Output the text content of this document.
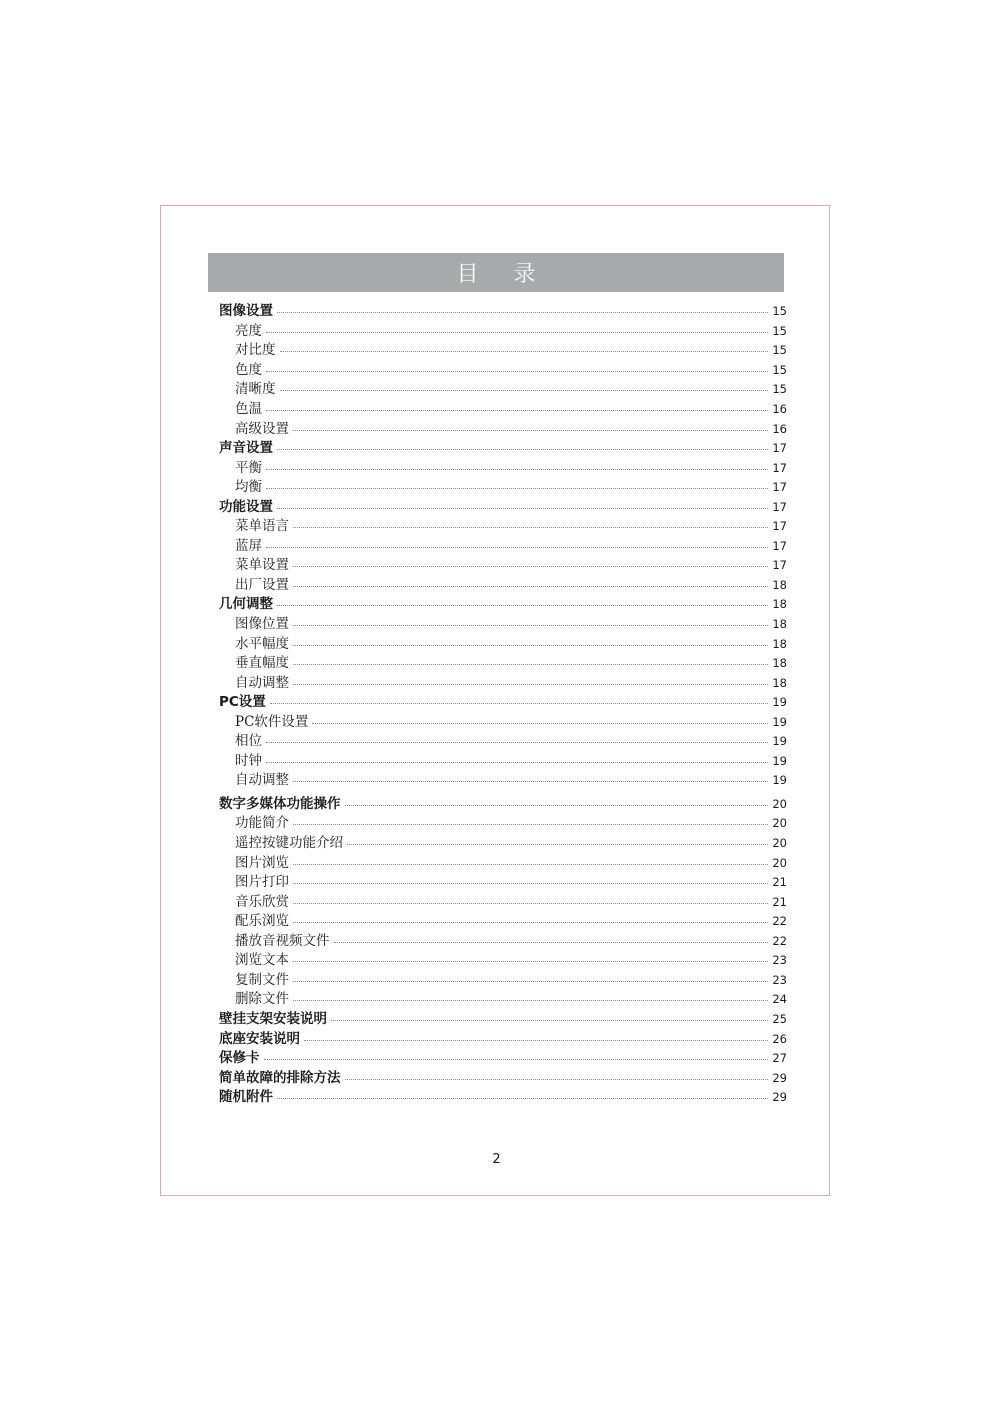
目 录
图像设置	15
亮度	15
对比度	15
色度	15
清晰度	15
色温	16
高级设置	16
声音设置	17
平衡	17
均衡	17
功能设置	17
菜单语言	17
蓝屏	17
菜单设置	17
出厂设置	18
几何调整	18
图像位置	18
水平幅度	18
垂直幅度	18
自动调整	18
PC设置	19
PC软件设置	19
相位	19
时钟	19
自动调整	19
数字多媒体功能操作	20
功能简介	20
遥控按键功能介绍	20
图片浏览	20
图片打印	21
音乐欣赏	21
配乐浏览	22
播放音视频文件	22
浏览文本	23
复制文件	23
删除文件	24
壁挂支架安装说明	25
底座安装说明	26
保修卡	27
简单故障的排除方法	29
随机附件	29
2
